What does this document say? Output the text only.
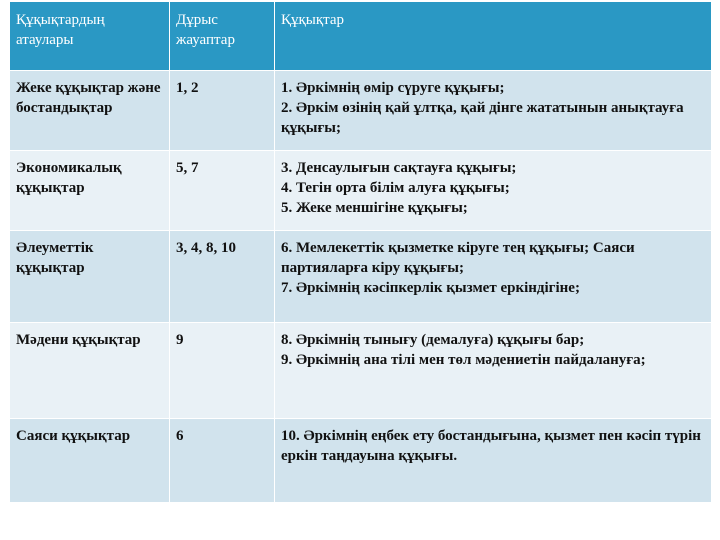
Құқықтардың атаулары	Дұрыс жауаптар	Құқықтар
Жеке құқықтар және бостандықтар	1, 2	1. Әркімнің өмір сүруге құқығы;
2. Әркім өзінің қай ұлтқа, қай дінге жататынын анықтауға құқығы;

Экономикалық құқықтар	5, 7	3. Денсаулығын сақтауға құқығы;
4. Тегін орта білім алуға құқығы;
5. Жеке меншігіне құқығы;

Әлеуметтік құқықтар	3, 4, 8, 10	6. Мемлекеттік қызметке кіруге тең құқығы; Саяси партияларға кіру құқығы;
7. Әркімнің кәсіпкерлік қызмет еркіндігіне;

Мәдени құқықтар	9	8. Әркімнің тынығу (демалуға) құқығы бар;
9. Әркімнің ана тілі мен төл мәдениетін пайдалануға;

Саяси құқықтар	6	10. Әркімнің еңбек ету бостандығына, қызмет пен кәсіп түрін еркін таңдауына құқығы.
